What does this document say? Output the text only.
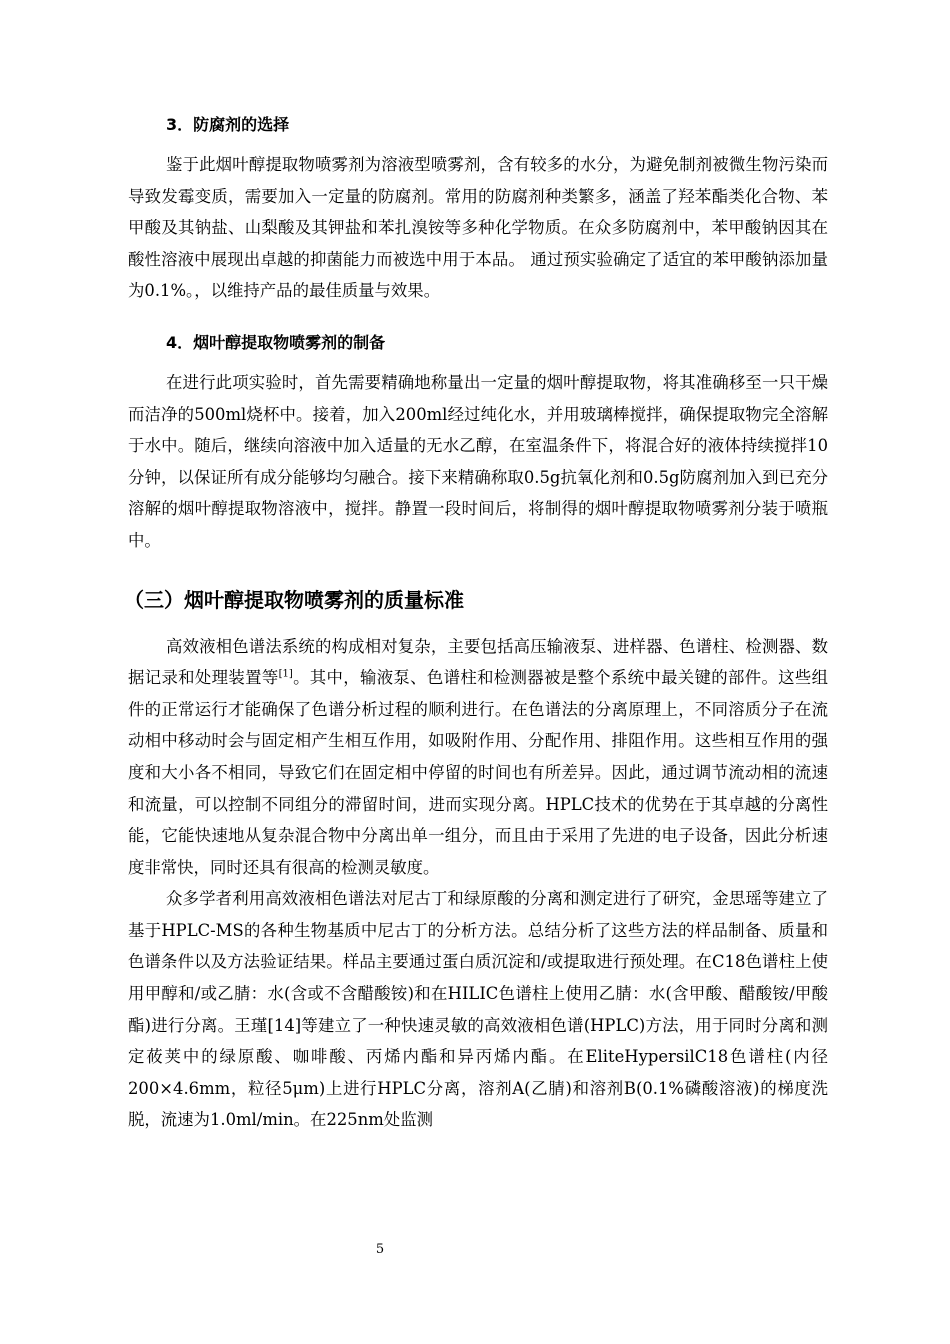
3．防腐剂的选择

鉴于此烟叶醇提取物喷雾剂为溶液型喷雾剂，含有较多的水分，为避免制剂被微生物污染而导致发霉变质，需要加入一定量的防腐剂。常用的防腐剂种类繁多，涵盖了羟苯酯类化合物、苯甲酸及其钠盐、山梨酸及其钾盐和苯扎溴铵等多种化学物质。在众多防腐剂中，苯甲酸钠因其在酸性溶液中展现出卓越的抑菌能力而被选中用于本品。 通过预实验确定了适宜的苯甲酸钠添加量为0.1%。，以维持产品的最佳质量与效果。

4．烟叶醇提取物喷雾剂的制备

在进行此项实验时，首先需要精确地称量出一定量的烟叶醇提取物，将其准确移至一只干燥而洁净的500ml烧杯中。接着，加入200ml经过纯化水，并用玻璃棒搅拌，确保提取物完全溶解于水中。随后，继续向溶液中加入适量的无水乙醇，在室温条件下，将混合好的液体持续搅拌10分钟，以保证所有成分能够均匀融合。接下来精确称取0.5g抗氧化剂和0.5g防腐剂加入到已充分溶解的烟叶醇提取物溶液中，搅拌。静置一段时间后，将制得的烟叶醇提取物喷雾剂分装于喷瓶中。

（三）烟叶醇提取物喷雾剂的质量标准

高效液相色谱法系统的构成相对复杂，主要包括高压输液泵、进样器、色谱柱、检测器、数据记录和处理装置等[1]。其中，输液泵、色谱柱和检测器被是整个系统中最关键的部件。这些组件的正常运行才能确保了色谱分析过程的顺利进行。在色谱法的分离原理上，不同溶质分子在流动相中移动时会与固定相产生相互作用，如吸附作用、分配作用、排阻作用。这些相互作用的强度和大小各不相同，导致它们在固定相中停留的时间也有所差异。因此，通过调节流动相的流速和流量，可以控制不同组分的滞留时间，进而实现分离。HPLC技术的优势在于其卓越的分离性能，它能快速地从复杂混合物中分离出单一组分，而且由于采用了先进的电子设备，因此分析速度非常快，同时还具有很高的检测灵敏度。

众多学者利用高效液相色谱法对尼古丁和绿原酸的分离和测定进行了研究，金思瑶等建立了基于HPLC-MS的各种生物基质中尼古丁的分析方法。总结分析了这些方法的样品制备、质量和色谱条件以及方法验证结果。样品主要通过蛋白质沉淀和/或提取进行预处理。在C18色谱柱上使用甲醇和/或乙腈：水(含或不含醋酸铵)和在HILIC色谱柱上使用乙腈：水(含甲酸、醋酸铵/甲酸酯)进行分离。王瑾[14]等建立了一种快速灵敏的高效液相色谱(HPLC)方法，用于同时分离和测定莜荚中的绿原酸、咖啡酸、丙烯内酯和异丙烯内酯。在EliteHypersilC18色谱柱(内径200×4.6mm，粒径5μm)上进行HPLC分离，溶剂A(乙腈)和溶剂B(0.1%磷酸溶液)的梯度洗脱，流速为1.0ml/min。在225nm处监测

5
